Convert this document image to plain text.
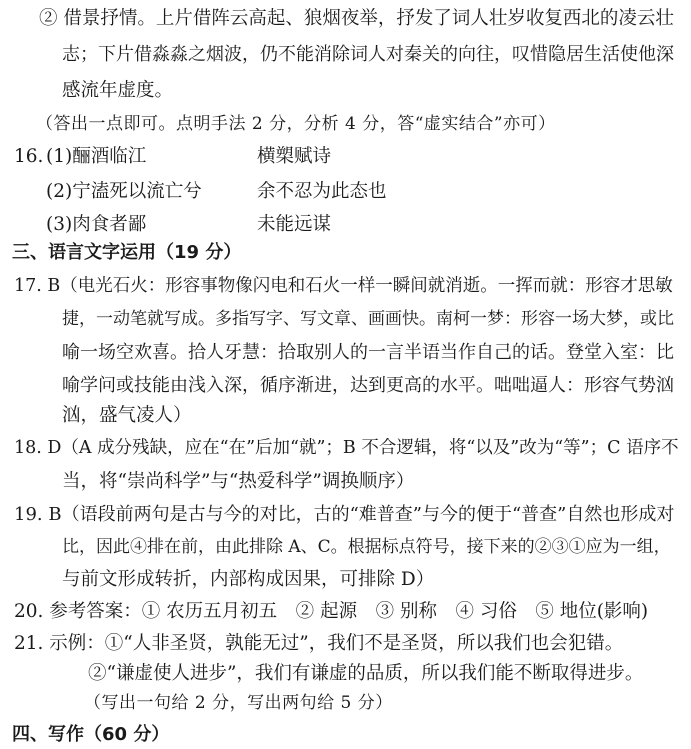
② 借景抒情。上片借阵云高起、狼烟夜举，抒发了词人壮岁收复西北的凌云壮
志；下片借淼淼之烟波，仍不能消除词人对秦关的向往，叹惜隐居生活使他深
感流年虚度。
（答出一点即可。点明手法 2 分，分析 4 分，答“虚实结合”亦可）
16. (1)酾酒临江	横槊赋诗
(2)宁溘死以流亡兮	余不忍为此态也
(3)肉食者鄙	未能远谋
三、语言文字运用（19 分）
17. B（电光石火：形容事物像闪电和石火一样一瞬间就消逝。一挥而就：形容才思敏
捷，一动笔就写成。多指写字、写文章、画画快。南柯一梦：形容一场大梦，或比
喻一场空欢喜。拾人牙慧：拾取别人的一言半语当作自己的话。登堂入室：比
喻学问或技能由浅入深，循序渐进，达到更高的水平。咄咄逼人：形容气势汹
汹，盛气凌人）
18. D（A 成分残缺，应在“在”后加“就”；B 不合逻辑，将“以及”改为“等”；C 语序不
当，将“崇尚科学”与“热爱科学”调换顺序）
19. B（语段前两句是古与今的对比，古的“难普查”与今的便于“普查”自然也形成对
比，因此④排在前，由此排除 A、C。根据标点符号，接下来的②③①应为一组，
与前文形成转折，内部构成因果，可排除 D）
20. 参考答案：① 农历五月初五　② 起源　③ 别称　④ 习俗　⑤ 地位(影响)
21. 示例：①“人非圣贤，孰能无过”，我们不是圣贤，所以我们也会犯错。
②“谦虚使人进步”，我们有谦虚的品质，所以我们能不断取得进步。
（写出一句给 2 分，写出两句给 5 分）
四、写作（60 分）
